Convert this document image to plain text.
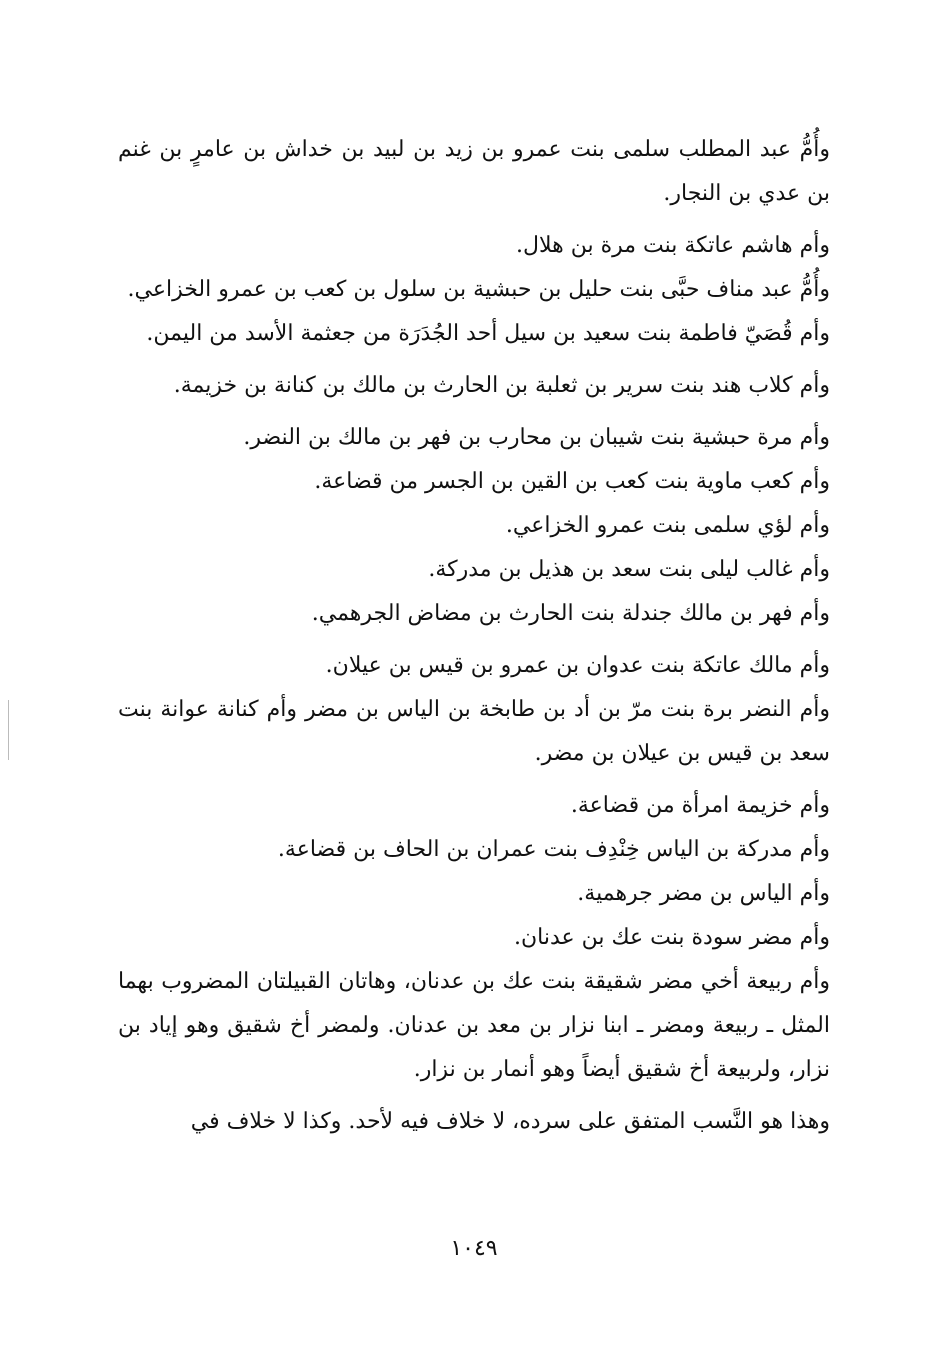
وأُمُّ عبد المطلب سلمى بنت عمرو بن زيد بن لبيد بن خداش بن عامرٍ بن غنم بن عدي بن النجار.

وأم هاشم عاتكة بنت مرة بن هلال.

وأُمُّ عبد مناف حبَّى بنت حليل بن حبشية بن سلول بن كعب بن عمرو الخزاعي.

وأم قُصَيّ فاطمة بنت سعيد بن سيل أحد الجُدَرَة من جعثمة الأسد من اليمن.

وأم كلاب هند بنت سرير بن ثعلبة بن الحارث بن مالك بن كنانة بن خزيمة.

وأم مرة حبشية بنت شيبان بن محارب بن فهر بن مالك بن النضر.

وأم كعب ماوية بنت كعب بن القين بن الجسر من قضاعة.

وأم لؤي سلمى بنت عمرو الخزاعي.

وأم غالب ليلى بنت سعد بن هذيل بن مدركة.

وأم فهر بن مالك جندلة بنت الحارث بن مضاض الجرهمي.

وأم مالك عاتكة بنت عدوان بن عمرو بن قيس بن عيلان.

وأم النضر برة بنت مرّ بن أد بن طابخة بن الياس بن مضر وأم كنانة عوانة بنت سعد بن قيس بن عيلان بن مضر.

وأم خزيمة امرأة من قضاعة.

وأم مدركة بن الياس خِنْدِف بنت عمران بن الحاف بن قضاعة.

وأم الياس بن مضر جرهمية.

وأم مضر سودة بنت عك بن عدنان.

وأم ربيعة أخي مضر شقيقة بنت عك بن عدنان، وهاتان القبيلتان المضروب بهما المثل ـ ربيعة ومضر ـ ابنا نزار بن معد بن عدنان. ولمضر أخ شقيق وهو إياد بن نزار، ولربيعة أخ شقيق أيضاً وهو أنمار بن نزار.

وهذا هو النَّسب المتفق على سرده، لا خلاف فيه لأحد. وكذا لا خلاف في

١٠٤٩
